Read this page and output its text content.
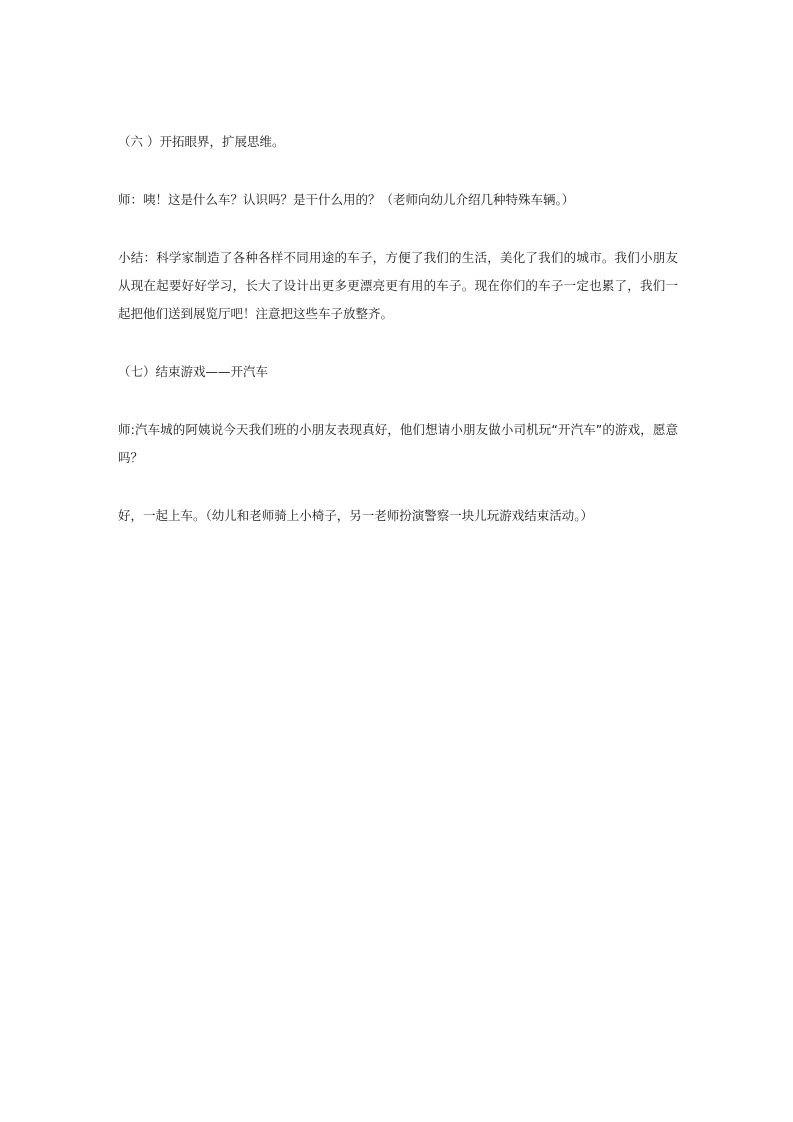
（六 ）开拓眼界，扩展思维。

师：咦！这是什么车？认识吗？是干什么用的？（老师向幼儿介绍几种特殊车辆。）

小结：科学家制造了各种各样不同用途的车子，方便了我们的生活，美化了我们的城市。我们小朋友从现在起要好好学习，长大了设计出更多更漂亮更有用的车子。现在你们的车子一定也累了，我们一起把他们送到展览厅吧！注意把这些车子放整齐。

（七）结束游戏——开汽车

师:汽车城的阿姨说今天我们班的小朋友表现真好，他们想请小朋友做小司机玩“开汽车”的游戏，愿意吗？

好，一起上车。（幼儿和老师骑上小椅子，另一老师扮演警察一块儿玩游戏结束活动。）
